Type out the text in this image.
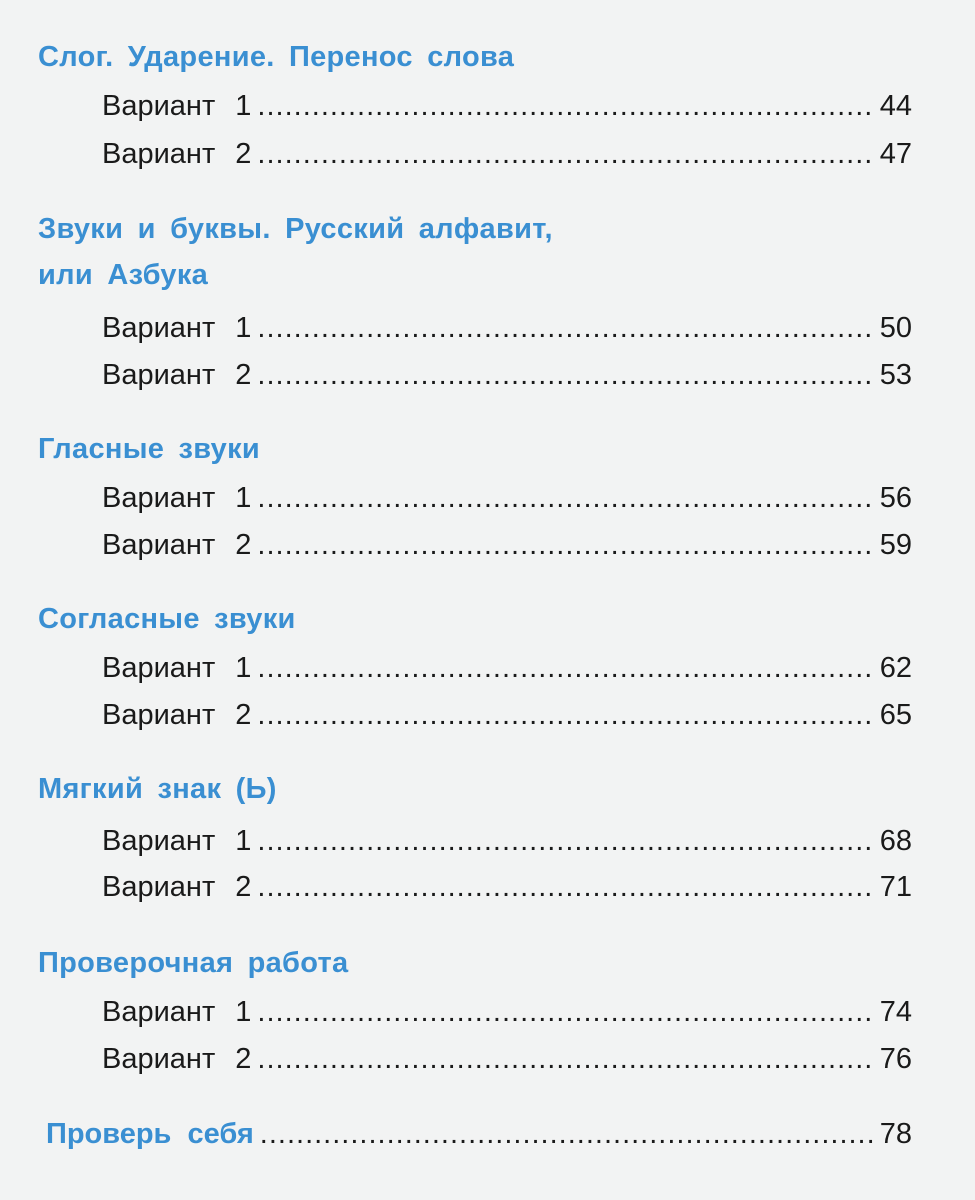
Слог. Ударение. Перенос слова
Вариант 1 .....	44
Вариант 2 .....	47
Звуки и буквы. Русский алфавит,
или Азбука
Вариант 1 .....	50
Вариант 2 .....	53
Гласные звуки
Вариант 1 .....	56
Вариант 2 .....	59
Согласные звуки
Вариант 1 .....	62
Вариант 2 .....	65
Мягкий знак (Ь)
Вариант 1 .....	68
Вариант 2 .....	71
Проверочная работа
Вариант 1 .....	74
Вариант 2 .....	76
Проверь себя .....	78
